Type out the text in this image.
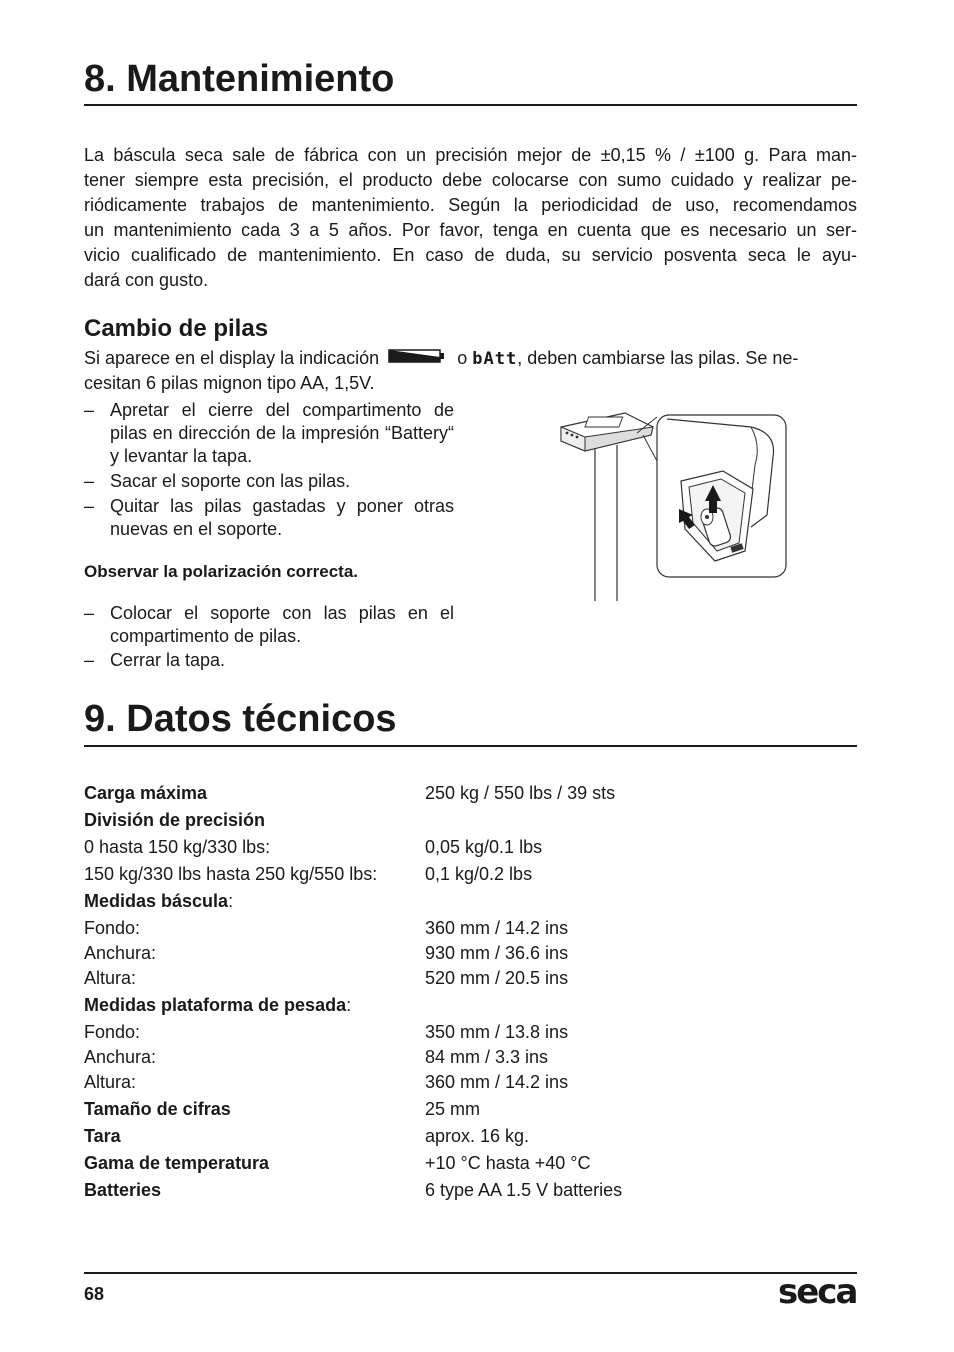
8. Mantenimiento
La báscula seca sale de fábrica con un precisión mejor de ±0,15 % / ±100 g. Para man-
tener siempre esta precisión, el producto debe colocarse con sumo cuidado y realizar pe-
riódicamente trabajos de mantenimiento. Según la periodicidad de uso, recomendamos
un mantenimiento cada 3 a 5 años. Por favor, tenga en cuenta que es necesario un ser-
vicio cualificado de mantenimiento. En caso de duda, su servicio posventa seca le ayu-
dará con gusto.
Cambio de pilas
Si aparece en el display la indicación	o bAtt, deben cambiarse las pilas. Se ne-
cesitan 6 pilas mignon tipo AA, 1,5V.
– Apretar el cierre del compartimento de pilas en dirección de la impresión “Battery“ y levantar la tapa.
– Sacar el soporte con las pilas.
– Quitar las pilas gastadas y poner otras nuevas en el soporte.
Observar la polarización correcta.
– Colocar el soporte con las pilas en el compartimento de pilas.
– Cerrar la tapa.
9. Datos técnicos
Carga máxima	250 kg / 550 lbs / 39 sts
División de precisión
0 hasta 150 kg/330 lbs:	0,05 kg/0.1 lbs
150 kg/330 lbs hasta 250 kg/550 lbs:	0,1 kg/0.2 lbs
Medidas báscula:
Fondo:	360 mm / 14.2 ins
Anchura:	930 mm / 36.6 ins
Altura:	520 mm / 20.5 ins
Medidas plataforma de pesada:
Fondo:	350 mm / 13.8 ins
Anchura:	84 mm / 3.3 ins
Altura:	360 mm / 14.2 ins
Tamaño de cifras	25 mm
Tara	aprox. 16 kg.
Gama de temperatura	+10 °C hasta +40 °C
Batteries	6 type AA 1.5 V batteries
68	seca
